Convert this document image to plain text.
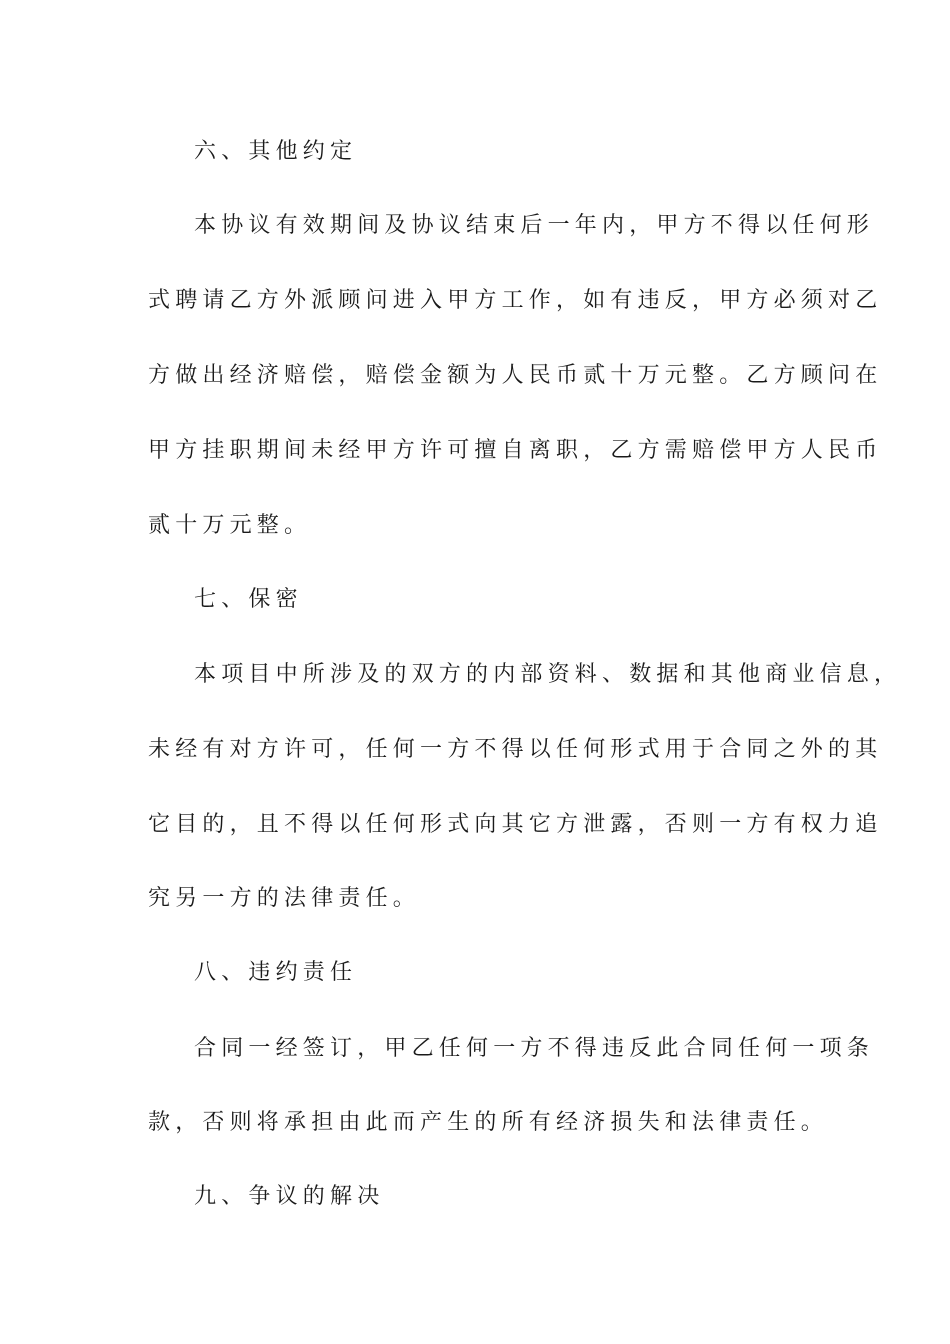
六、其他约定
本协议有效期间及协议结束后一年内，甲方不得以任何形
式聘请乙方外派顾问进入甲方工作，如有违反，甲方必须对乙
方做出经济赔偿，赔偿金额为人民币贰十万元整。乙方顾问在
甲方挂职期间未经甲方许可擅自离职，乙方需赔偿甲方人民币
贰十万元整。
七、保密
本项目中所涉及的双方的内部资料、数据和其他商业信息，
未经有对方许可，任何一方不得以任何形式用于合同之外的其
它目的，且不得以任何形式向其它方泄露，否则一方有权力追
究另一方的法律责任。
八、违约责任
合同一经签订，甲乙任何一方不得违反此合同任何一项条
款，否则将承担由此而产生的所有经济损失和法律责任。
九、争议的解决
